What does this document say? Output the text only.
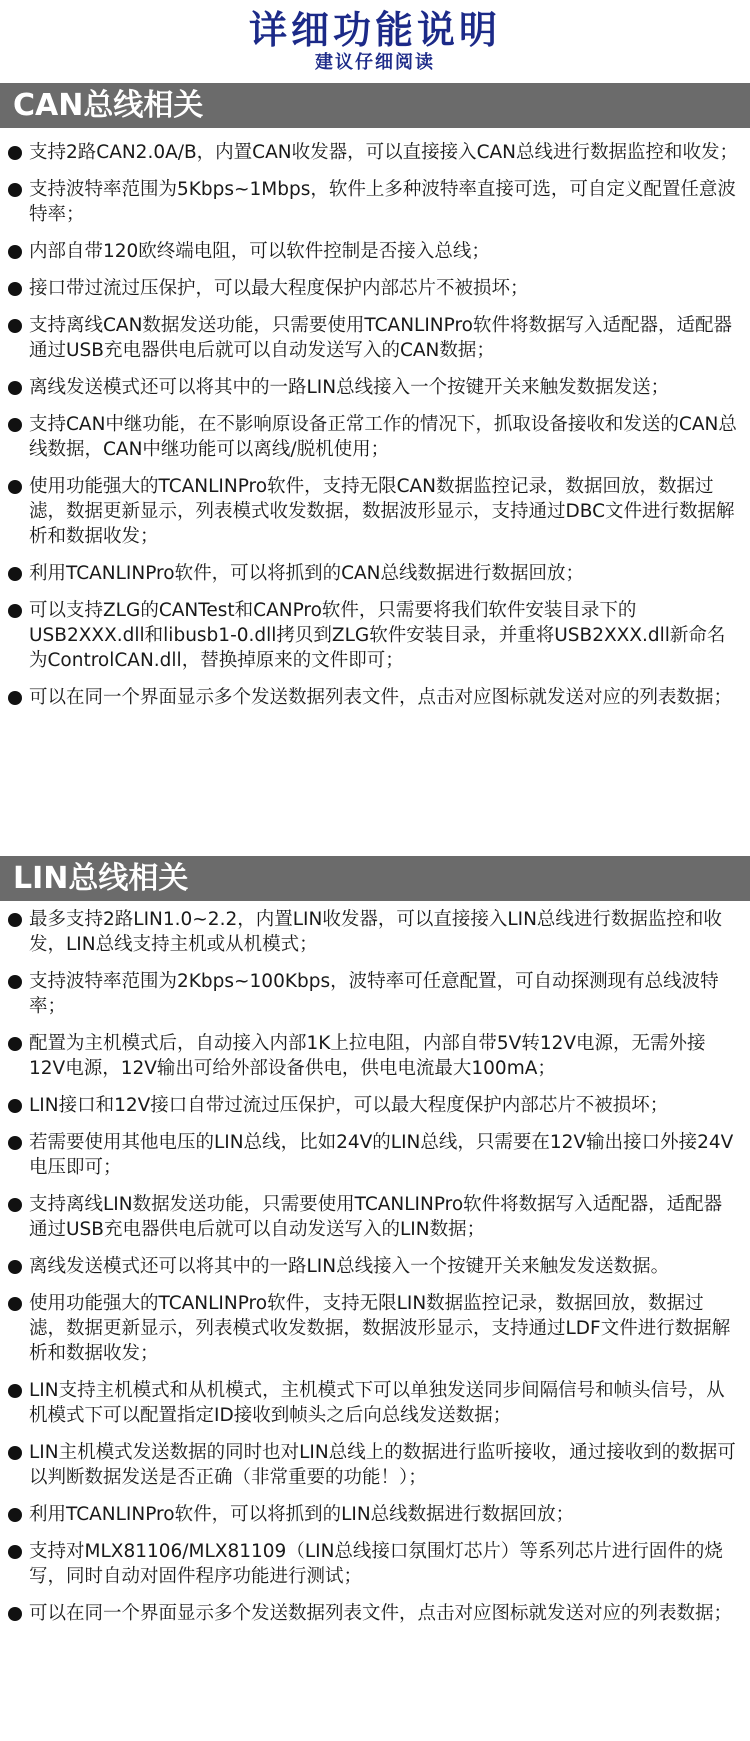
详细功能说明
建议仔细阅读
CAN总线相关
支持2路CAN2.0A/B，内置CAN收发器，可以直接接入CAN总线进行数据监控和收发；
支持波特率范围为5Kbps~1Mbps，软件上多种波特率直接可选，可自定义配置任意波特率；
内部自带120欧终端电阻，可以软件控制是否接入总线；
接口带过流过压保护，可以最大程度保护内部芯片不被损坏；
支持离线CAN数据发送功能，只需要使用TCANLINPro软件将数据写入适配器，适配器通过USB充电器供电后就可以自动发送写入的CAN数据；
离线发送模式还可以将其中的一路LIN总线接入一个按键开关来触发数据发送；
支持CAN中继功能，在不影响原设备正常工作的情况下，抓取设备接收和发送的CAN总线数据，CAN中继功能可以离线/脱机使用；
使用功能强大的TCANLINPro软件，支持无限CAN数据监控记录，数据回放，数据过滤，数据更新显示，列表模式收发数据，数据波形显示，支持通过DBC文件进行数据解析和数据收发；
利用TCANLINPro软件，可以将抓到的CAN总线数据进行数据回放；
可以支持ZLG的CANTest和CANPro软件，只需要将我们软件安装目录下的USB2XXX.dll和libusb1-0.dll拷贝到ZLG软件安装目录，并重将USB2XXX.dll新命名为ControlCAN.dll，替换掉原来的文件即可；
可以在同一个界面显示多个发送数据列表文件，点击对应图标就发送对应的列表数据；
LIN总线相关
最多支持2路LIN1.0~2.2，内置LIN收发器，可以直接接入LIN总线进行数据监控和收发，LIN总线支持主机或从机模式；
支持波特率范围为2Kbps~100Kbps，波特率可任意配置，可自动探测现有总线波特率；
配置为主机模式后，自动接入内部1K上拉电阻，内部自带5V转12V电源，无需外接12V电源，12V输出可给外部设备供电，供电电流最大100mA；
LIN接口和12V接口自带过流过压保护，可以最大程度保护内部芯片不被损坏；
若需要使用其他电压的LIN总线，比如24V的LIN总线，只需要在12V输出接口外接24V电压即可；
支持离线LIN数据发送功能，只需要使用TCANLINPro软件将数据写入适配器，适配器通过USB充电器供电后就可以自动发送写入的LIN数据；
离线发送模式还可以将其中的一路LIN总线接入一个按键开关来触发发送数据。
使用功能强大的TCANLINPro软件，支持无限LIN数据监控记录，数据回放，数据过滤，数据更新显示，列表模式收发数据，数据波形显示，支持通过LDF文件进行数据解析和数据收发；
LIN支持主机模式和从机模式，主机模式下可以单独发送同步间隔信号和帧头信号，从机模式下可以配置指定ID接收到帧头之后向总线发送数据；
LIN主机模式发送数据的同时也对LIN总线上的数据进行监听接收，通过接收到的数据可以判断数据发送是否正确（非常重要的功能！）；
利用TCANLINPro软件，可以将抓到的LIN总线数据进行数据回放；
支持对MLX81106/MLX81109（LIN总线接口氛围灯芯片）等系列芯片进行固件的烧写，同时自动对固件程序功能进行测试；
可以在同一个界面显示多个发送数据列表文件，点击对应图标就发送对应的列表数据；
